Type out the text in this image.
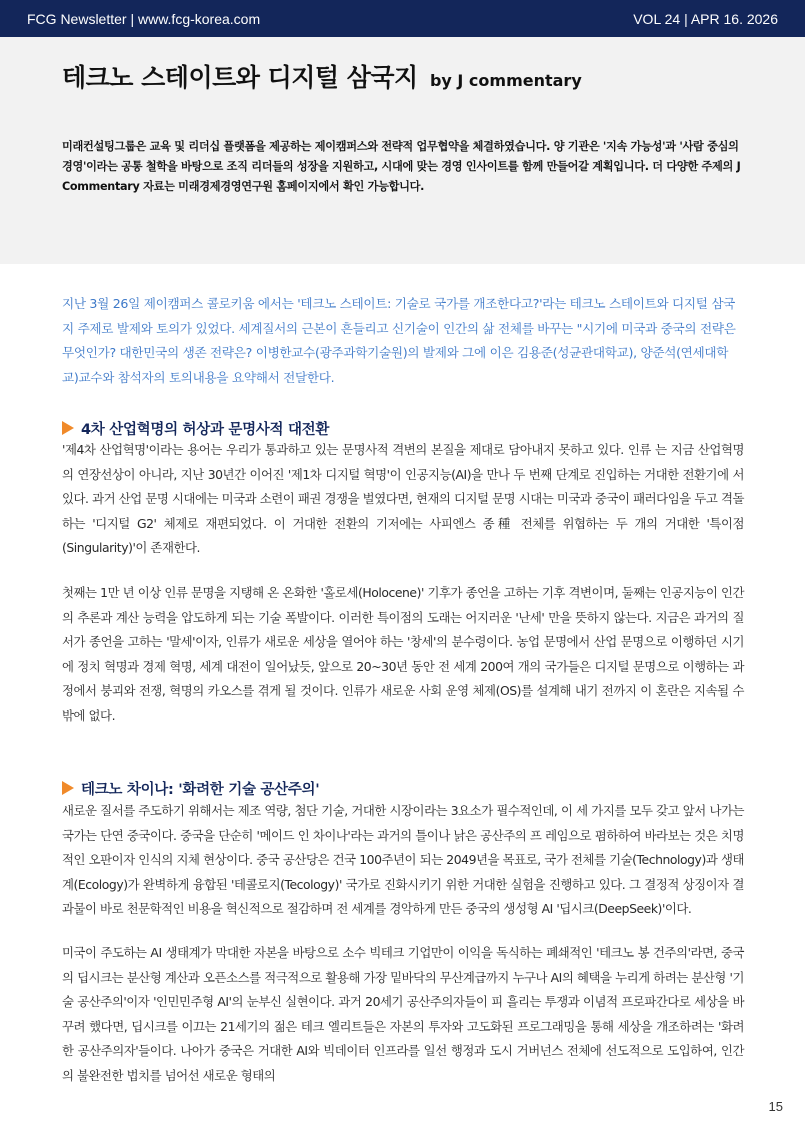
FCG Newsletter | www.fcg-korea.com	VOL 24 | APR 16. 2026
테크노 스테이트와 디지털 삼국지 by J commentary

미래컨설팅그룹은 교육 및 리더십 플랫폼을 제공하는 제이캠퍼스와 전략적 업무협약을 체결하였습니다. 양 기관은 '지속 가능성'과 '사람 중심의 경영'이라는 공통 철학을 바탕으로 조직 리더들의 성장을 지원하고, 시대에 맞는 경영 인사이트를 함께 만들어갈 계획입니다. 더 다양한 주제의 J Commentary 자료는 미래경제경영연구원 홈페이지에서 확인 가능합니다.

지난 3월 26일 제이캠퍼스 콜로키움 에서는 '테크노 스테이트: 기술로 국가를 개조한다고?'라는 테크노 스테이트와 디지털 삼국지 주제로 발제와 토의가 있었다. 세계질서의 근본이 흔들리고 신기술이 인간의 삶 전체를 바꾸는 "시기에 미국과 중국의 전략은 무엇인가? 대한민국의 생존 전략은? 이병한교수(광주과학기술원)의 발제와 그에 이은 김용준(성균관대학교), 양준석(연세대학교)교수와 참석자의 토의내용을 요약해서 전달한다.

4차 산업혁명의 허상과 문명사적 대전환

'제4차 산업혁명'이라는 용어는 우리가 통과하고 있는 문명사적 격변의 본질을 제대로 담아내지 못하고 있다. 인류 는 지금 산업혁명의 연장선상이 아니라, 지난 30년간 이어진 '제1차 디지털 혁명'이 인공지능(AI)을 만나 두 번째 단계로 진입하는 거대한 전환기에 서 있다. 과거 산업 문명 시대에는 미국과 소련이 패권 경쟁을 벌였다면, 현재의 디지털 문명 시대는 미국과 중국이 패러다임을 두고 격돌하는 '디지털 G2' 체제로 재편되었다. 이 거대한 전환의 기저에는 사피엔스 종種 전체를 위협하는 두 개의 거대한 '특이점(Singularity)'이 존재한다.

첫째는 1만 년 이상 인류 문명을 지탱해 온 온화한 '홀로세(Holocene)' 기후가 종언을 고하는 기후 격변이며, 둘째는 인공지능이 인간의 추론과 계산 능력을 압도하게 되는 기술 폭발이다. 이러한 특이점의 도래는 어지러운 '난세' 만을 뜻하지 않는다. 지금은 과거의 질서가 종언을 고하는 '말세'이자, 인류가 새로운 세상을 열어야 하는 '창세'의 분수령이다. 농업 문명에서 산업 문명으로 이행하던 시기에 정치 혁명과 경제 혁명, 세계 대전이 일어났듯, 앞으로 20~30년 동안 전 세계 200여 개의 국가들은 디지털 문명으로 이행하는 과정에서 붕괴와 전쟁, 혁명의 카오스를 겪게 될 것이다. 인류가 새로운 사회 운영 체제(OS)를 설계해 내기 전까지 이 혼란은 지속될 수밖에 없다.

테크노 차이나: '화려한 기술 공산주의'

새로운 질서를 주도하기 위해서는 제조 역량, 첨단 기술, 거대한 시장이라는 3요소가 필수적인데, 이 세 가지를 모두 갖고 앞서 나가는 국가는 단연 중국이다. 중국을 단순히 '메이드 인 차이나'라는 과거의 틀이나 낡은 공산주의 프 레임으로 폄하하여 바라보는 것은 치명적인 오판이자 인식의 지체 현상이다. 중국 공산당은 건국 100주년이 되는 2049년을 목표로, 국가 전체를 기술(Technology)과 생태계(Ecology)가 완벽하게 융합된 '테콜로지(Tecology)' 국가로 진화시키기 위한 거대한 실험을 진행하고 있다. 그 결정적 상징이자 결과물이 바로 천문학적인 비용을 혁신적으로 절감하며 전 세계를 경악하게 만든 중국의 생성형 AI '딥시크(DeepSeek)'이다.

미국이 주도하는 AI 생태계가 막대한 자본을 바탕으로 소수 빅테크 기업만이 이익을 독식하는 폐쇄적인 '테크노 봉 건주의'라면, 중국의 딥시크는 분산형 계산과 오픈소스를 적극적으로 활용해 가장 밑바닥의 무산계급까지 누구나 AI의 혜택을 누리게 하려는 분산형 '기술 공산주의'이자 '인민민주형 AI'의 눈부신 실현이다. 과거 20세기 공산주의자들이 피 흘리는 투쟁과 이념적 프로파간다로 세상을 바꾸려 했다면, 딥시크를 이끄는 21세기의 젊은 테크 엘리트들은 자본의 투자와 고도화된 프로그래밍을 통해 세상을 개조하려는 '화려한 공산주의자'들이다. 나아가 중국은 거대한 AI와 빅데이터 인프라를 일선 행정과 도시 거버넌스 전체에 선도적으로 도입하여, 인간의 불완전한 법치를 넘어선 새로운 형태의

15
